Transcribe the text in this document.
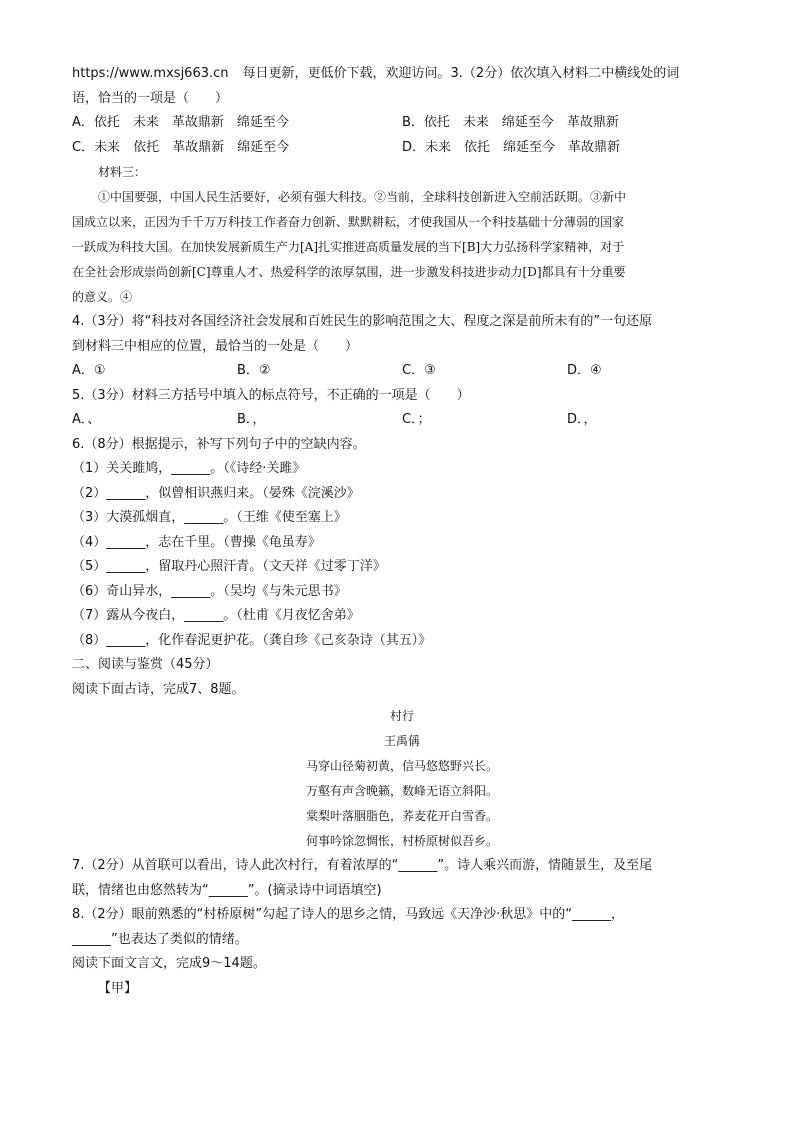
https://www.mxsj663.cn 每日更新，更低价下载，欢迎访问。3.（2分）依次填入材料二中横线处的词
语，恰当的一项是（　　）
A．依托　未来　革故鼎新　绵延至今	B．依托　未来　绵延至今　革故鼎新
C．未来　依托　革故鼎新　绵延至今	D．未来　依托　绵延至今　革故鼎新
材料三：
①中国要强，中国人民生活要好，必须有强大科技。②当前，全球科技创新进入空前活跃期。③新中
国成立以来，正因为千千万万科技工作者奋力创新、默默耕耘，才使我国从一个科技基础十分薄弱的国家
一跃成为科技大国。在加快发展新质生产力[A]扎实推进高质量发展的当下[B]大力弘扬科学家精神，对于
在全社会形成崇尚创新[C]尊重人才、热爱科学的浓厚氛围，进一步激发科技进步动力[D]都具有十分重要
的意义。④
4.（3分）将“科技对各国经济社会发展和百姓民生的影响范围之大、程度之深是前所未有的”一句还原
到材料三中相应的位置，最恰当的一处是（　　）
A．①	B．②	C．③	D．④
5.（3分）材料三方括号中填入的标点符号，不正确的一项是（　　）
A．、	B．，	C．；	D．，
6.（8分）根据提示，补写下列句子中的空缺内容。
（1）关关雎鸠，______。（《诗经·关雎》
（2）______，似曾相识燕归来。（晏殊《浣溪沙》
（3）大漠孤烟直，______。（王维《使至塞上》
（4）______，志在千里。（曹操《龟虽寿》
（5）______，留取丹心照汗青。（文天祥《过零丁洋》
（6）奇山异水，______。（吴均《与朱元思书》
（7）露从今夜白，______。（杜甫《月夜忆舍弟》
（8）______，化作春泥更护花。（龚自珍《己亥杂诗（其五）》
二、阅读与鉴赏（45分）
阅读下面古诗，完成7、8题。
村行
王禹偁
马穿山径菊初黄，信马悠悠野兴长。
万壑有声含晚籁，数峰无语立斜阳。
棠梨叶落胭脂色，荞麦花开白雪香。
何事吟馀忽惆怅，村桥原树似吾乡。
7.（2分）从首联可以看出，诗人此次村行，有着浓厚的“______”。诗人乘兴而游，情随景生，及至尾
联，情绪也由悠然转为“______”。(摘录诗中词语填空)
8.（2分）眼前熟悉的“村桥原树”勾起了诗人的思乡之情，马致远《天净沙·秋思》中的“______，
______”也表达了类似的情绪。
阅读下面文言文，完成9～14题。
【甲】
